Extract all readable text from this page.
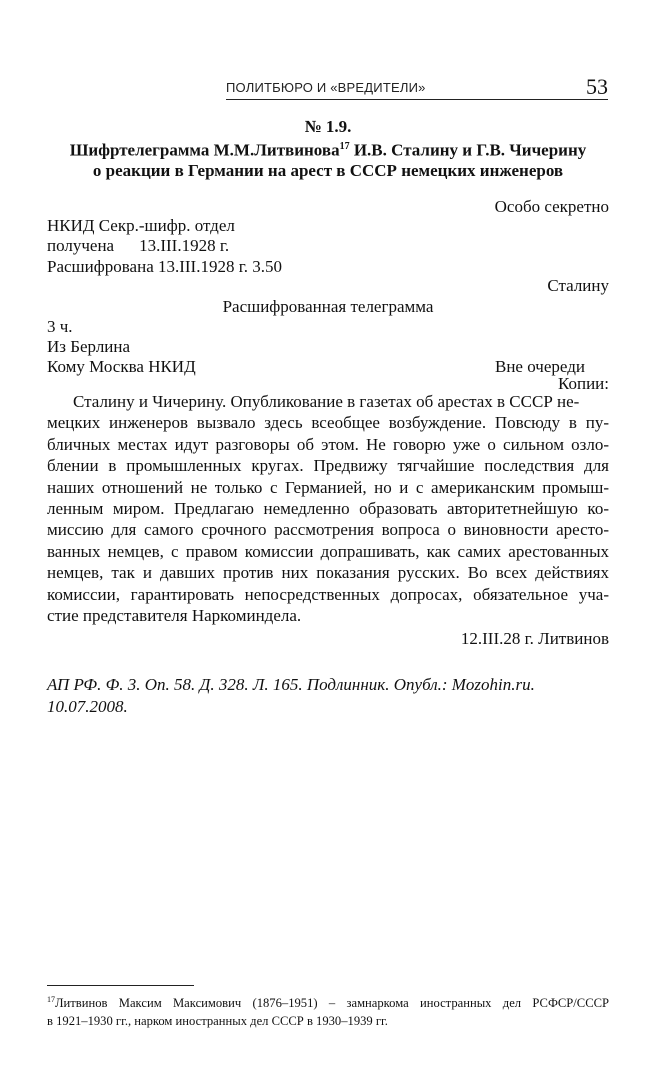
ПОЛИТБЮРО И «ВРЕДИТЕЛИ»	53
№ 1.9.
Шифртелеграмма М.М.Литвинова$^{17}$ И.В. Сталину и Г.В. Чичерину
о реакции в Германии на арест в СССР немецких инженеров
Особо секретно
НКИД Секр.-шифр. отдел
получена 13.III.1928 г.
Расшифрована 13.III.1928 г. 3.50
Сталину
Расшифрованная телеграмма
3 ч.
Из Берлина
Кому Москва НКИД	Вне очереди
Копии:
Сталину и Чичерину. Опубликование в газетах об арестах в СССР не-
мецких инженеров вызвало здесь всеобщее возбуждение. Повсюду в пу-
бличных местах идут разговоры об этом. Не говорю уже о сильном озло-
блении в промышленных кругах. Предвижу тягчайшие последствия для
наших отношений не только с Германией, но и с американским промыш-
ленным миром. Предлагаю немедленно образовать авторитетнейшую ко-
миссию для самого срочного рассмотрения вопроса о виновности аресто-
ванных немцев, с правом комиссии допрашивать, как самих арестованных
немцев, так и давших против них показания русских. Во всех действиях
комиссии, гарантировать непосредственных допросах, обязательное уча-
стие представителя Наркоминдела.
12.III.28 г. Литвинов
АП РФ. Ф. 3. Оп. 58. Д. 328. Л. 165. Подлинник. Опубл.: Mozohin.ru.
10.07.2008.
$^{17}$Литвинов Максим Максимович (1876–1951) – замнаркома иностранных дел РСФСР/СССР
в 1921–1930 гг., нарком иностранных дел СССР в 1930–1939 гг.
